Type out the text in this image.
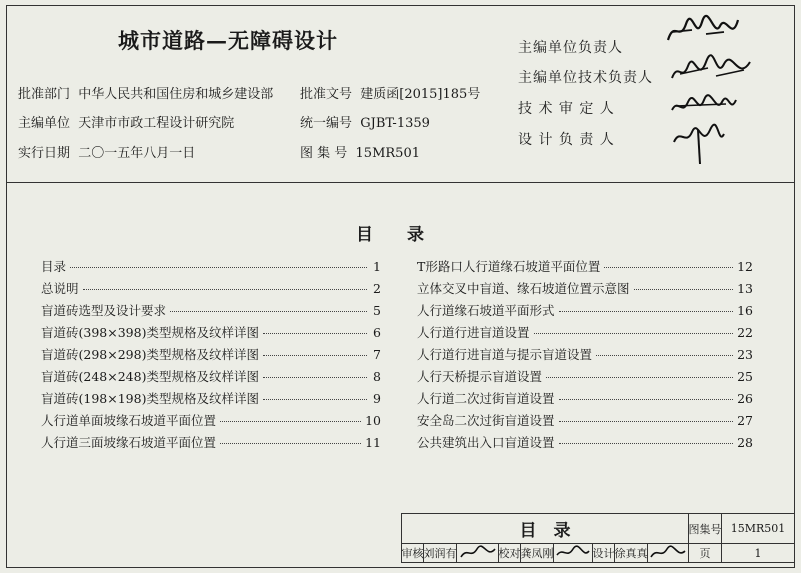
城市道路—无障碍设计
批准部门 中华人民共和国住房和城乡建设部 批准文号 建质函[2015]185号
主编单位 天津市市政工程设计研究院	统一编号 GJBT-1359
实行日期 二〇一五年八月一日	图 集 号 15MR501
主编单位负责人
主编单位技术负责人
技 术 审 定 人
设 计 负 责 人
目　　录
目录	1
总说明	2
盲道砖选型及设计要求	5
盲道砖(398×398)类型规格及纹样详图	6
盲道砖(298×298)类型规格及纹样详图	7
盲道砖(248×248)类型规格及纹样详图	8
盲道砖(198×198)类型规格及纹样详图	9
人行道单面坡缘石坡道平面位置	10
人行道三面坡缘石坡道平面位置	11
T形路口人行道缘石坡道平面位置	12
立体交叉中盲道、缘石坡道位置示意图	13
人行道缘石坡道平面形式	16
人行道行进盲道设置	22
人行道行进盲道与提示盲道设置	23
人行天桥提示盲道设置	25
人行道二次过街盲道设置	26
安全岛二次过街盲道设置	27
公共建筑出入口盲道设置	28
目　录	图集号 15MR501
审核 刘润有	校对 龚凤刚	设计 徐真真	页	1
